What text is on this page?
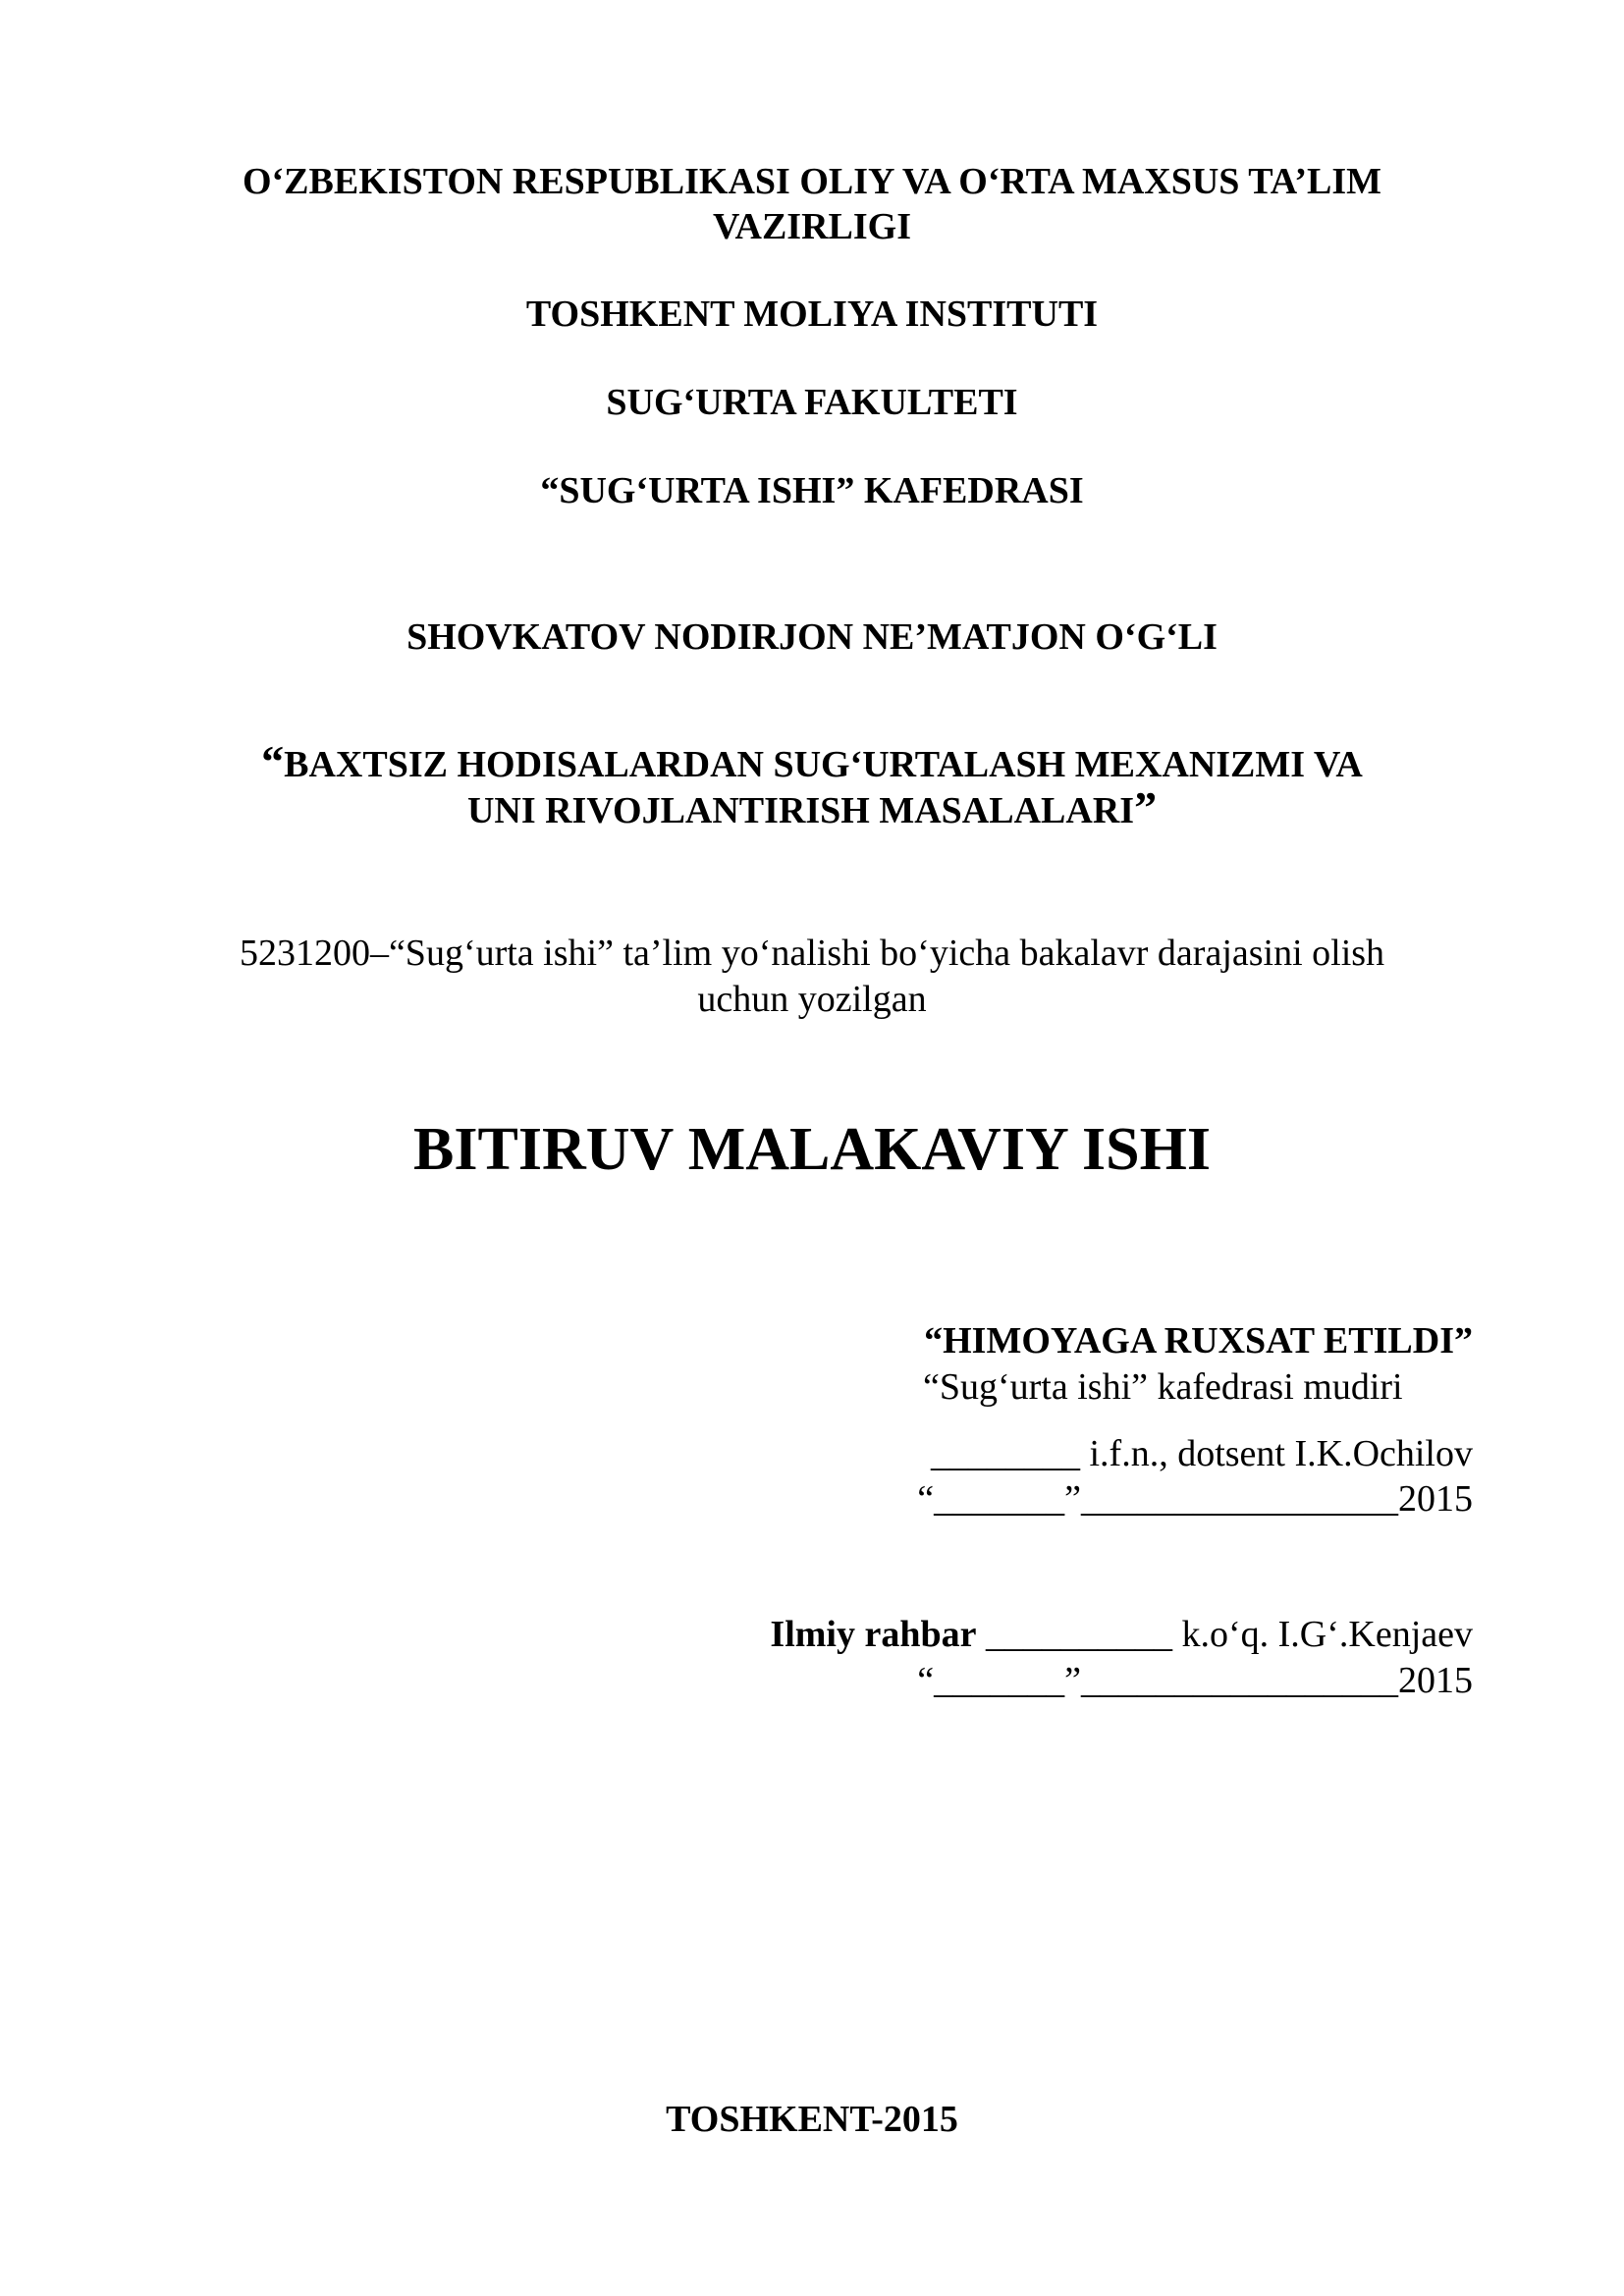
O‘ZBEKISTON RESPUBLIKASI OLIY VA O‘RTA MAXSUS TA’LIM
VAZIRLIGI
TOSHKENT MOLIYA INSTITUTI
SUG‘URTA FAKULTETI
“SUG‘URTA ISHI” KAFEDRASI
SHOVKATOV NODIRJON NE’MATJON O‘G‘LI
“BAXTSIZ HODISALARDAN SUG‘URTALASH MEXANIZMI VA
UNI RIVOJLANTIRISH MASALALARI”
5231200–“Sug‘urta ishi” ta’lim yo‘nalishi bo‘yicha bakalavr darajasini olish
uchun yozilgan
BITIRUV MALAKAVIY ISHI
“HIMOYAGA RUXSAT ETILDI”
“Sug‘urta ishi” kafedrasi mudiri
________ i.f.n., dotsent I.K.Ochilov
“_______”_________________2015
Ilmiy rahbar __________ k.o‘q. I.G‘.Kenjaev
“_______”_________________2015
TOSHKENT-2015
